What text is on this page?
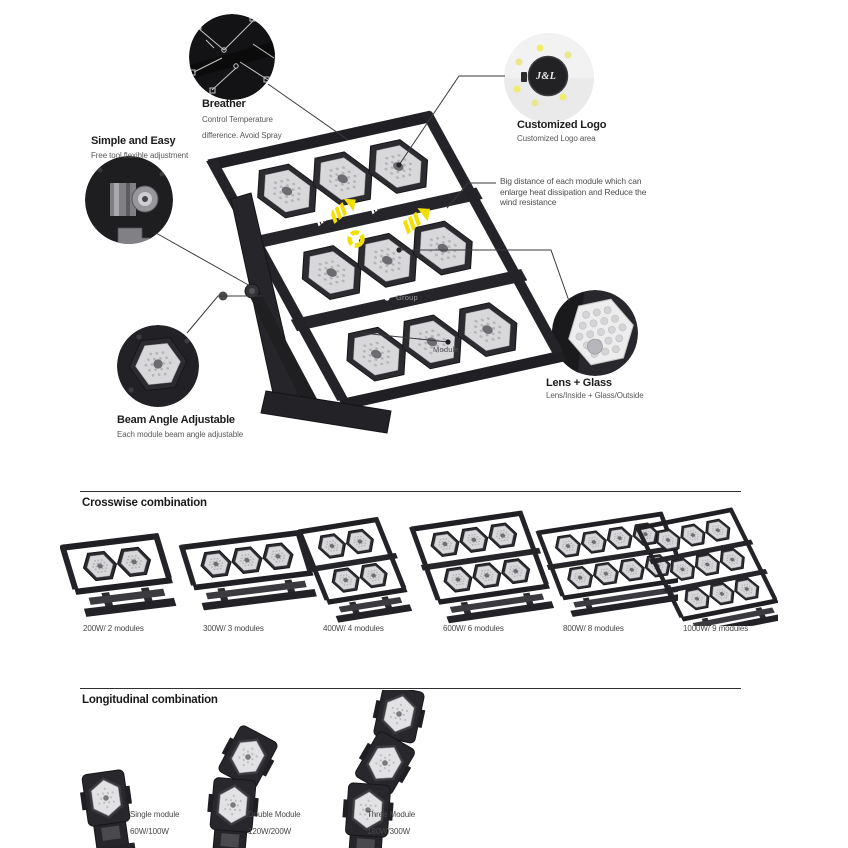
Breather
Control Temperature
difference. Avoid Spray
Simple and Easy
Free tool flexible adjustment
Customized Logo
Customized Logo area
J&L
Big distance of each module which can
enlarge heat dissipation and Reduce the
wind resistance
Lens + Glass
Lens/Inside + Glass/Outside
Beam Angle Adjustable
Each module beam angle adjustable
Group
Module
Crosswise combination
200W/ 2 modules	300W/ 3 modules	400W/ 4 modules	600W/ 6 modules	800W/ 8 modules	1000W/ 9 modules
Longitudinal combination
Single module
60W/100W
Double Module
120W/200W
Three Module
180W/300W
